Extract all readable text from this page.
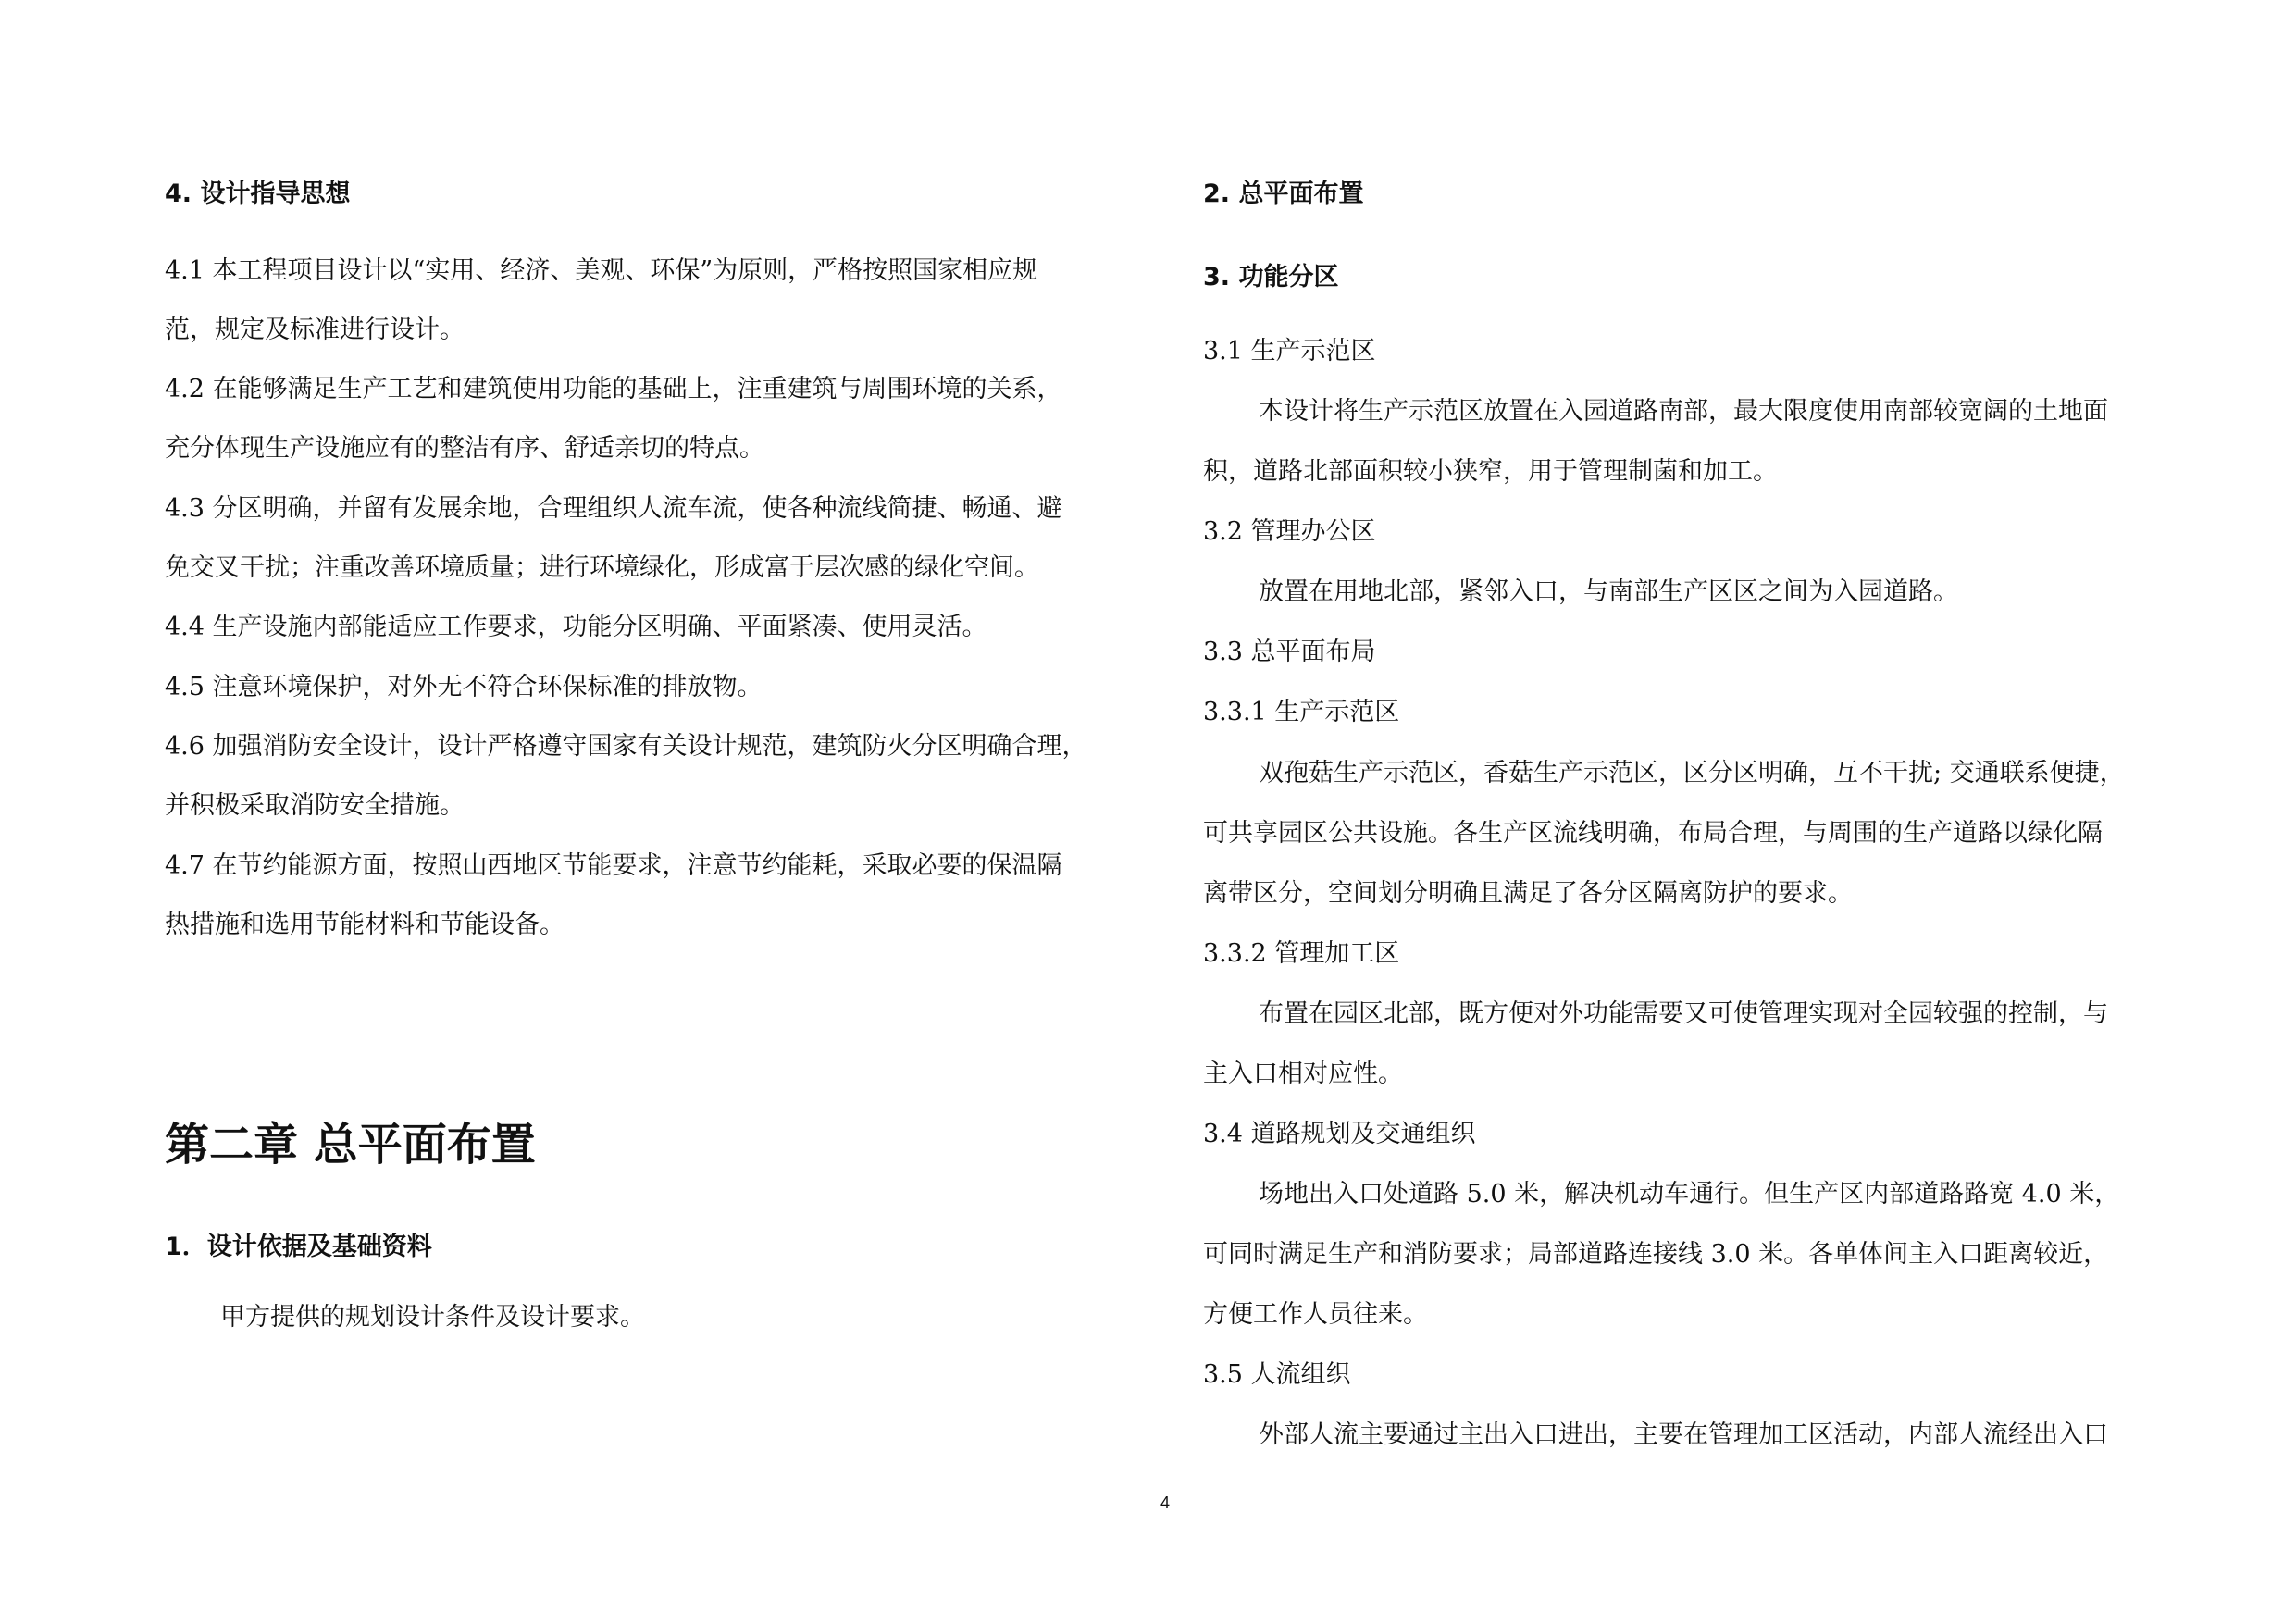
4. 设计指导思想
4.1 本工程项目设计以“实用、经济、美观、环保”为原则，严格按照国家相应规
范，规定及标准进行设计。
4.2 在能够满足生产工艺和建筑使用功能的基础上，注重建筑与周围环境的关系，
充分体现生产设施应有的整洁有序、舒适亲切的特点。
4.3 分区明确，并留有发展余地，合理组织人流车流，使各种流线简捷、畅通、避
免交叉干扰；注重改善环境质量；进行环境绿化，形成富于层次感的绿化空间。
4.4 生产设施内部能适应工作要求，功能分区明确、平面紧凑、使用灵活。
4.5 注意环境保护，对外无不符合环保标准的排放物。
4.6 加强消防安全设计，设计严格遵守国家有关设计规范，建筑防火分区明确合理，
并积极采取消防安全措施。
4.7 在节约能源方面，按照山西地区节能要求，注意节约能耗，采取必要的保温隔
热措施和选用节能材料和节能设备。
第二章 总平面布置
1．设计依据及基础资料
甲方提供的规划设计条件及设计要求。
2. 总平面布置
3. 功能分区
3.1 生产示范区
本设计将生产示范区放置在入园道路南部，最大限度使用南部较宽阔的土地面
积，道路北部面积较小狭窄，用于管理制菌和加工。
3.2 管理办公区
放置在用地北部，紧邻入口，与南部生产区区之间为入园道路。
3.3 总平面布局
3.3.1 生产示范区
双孢菇生产示范区，香菇生产示范区，区分区明确，互不干扰; 交通联系便捷，
可共享园区公共设施。各生产区流线明确，布局合理，与周围的生产道路以绿化隔
离带区分，空间划分明确且满足了各分区隔离防护的要求。
3.3.2 管理加工区
布置在园区北部，既方便对外功能需要又可使管理实现对全园较强的控制，与
主入口相对应性。
3.4 道路规划及交通组织
场地出入口处道路 5.0 米，解决机动车通行。但生产区内部道路路宽 4.0 米，
可同时满足生产和消防要求；局部道路连接线 3.0 米。各单体间主入口距离较近，
方便工作人员往来。
3.5 人流组织
外部人流主要通过主出入口进出，主要在管理加工区活动，内部人流经出入口
4
